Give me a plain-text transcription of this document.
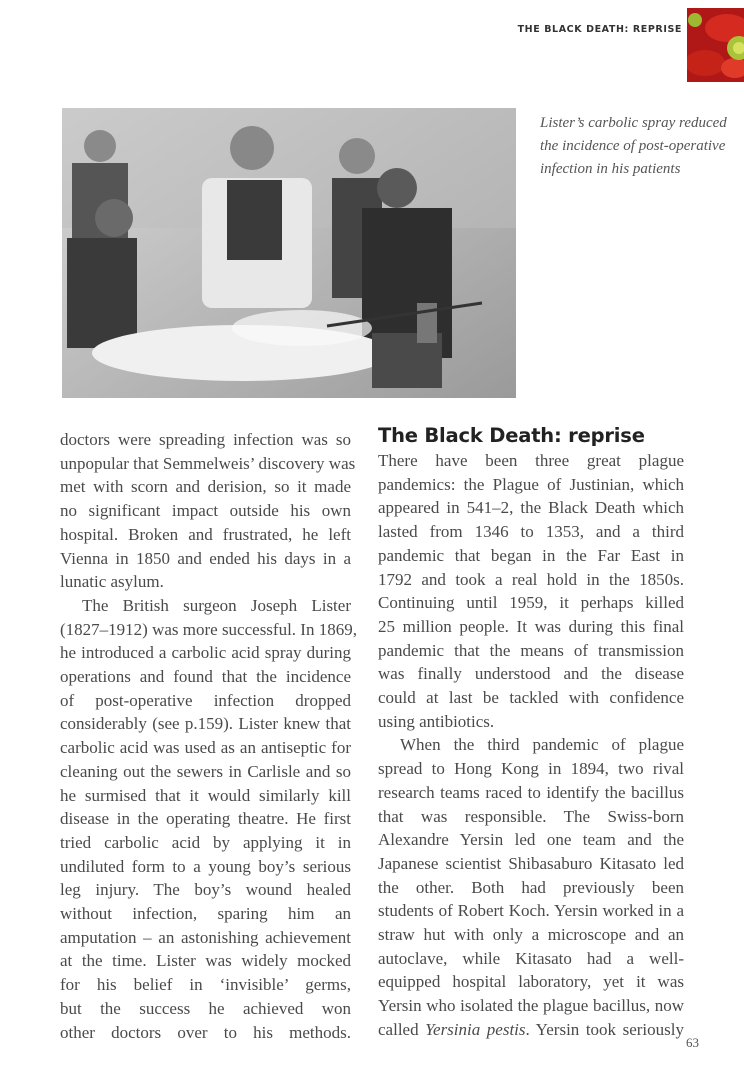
THE BLACK DEATH: REPRISE
Lister’s carbolic spray reduced the incidence of post-operative infection in his patients
doctors were spreading infection was so
unpopular that Semmelweis’ discovery was
met with scorn and derision, so it made
no significant impact outside his own
hospital. Broken and frustrated, he left
Vienna in 1850 and ended his days in a
lunatic asylum.
The British surgeon Joseph Lister
(1827–1912) was more successful. In 1869,
he introduced a carbolic acid spray during
operations and found that the incidence
of post-operative infection dropped
considerably (see p.159). Lister knew that
carbolic acid was used as an antiseptic for
cleaning out the sewers in Carlisle and so
he surmised that it would similarly kill
disease in the operating theatre. He first
tried carbolic acid by applying it in
undiluted form to a young boy’s serious
leg injury. The boy’s wound healed
without infection, sparing him an
amputation – an astonishing achievement
at the time. Lister was widely mocked
for his belief in ‘invisible’ germs,
but the success he achieved won
other doctors over to his methods.
The Black Death: reprise
There have been three great plague
pandemics: the Plague of Justinian, which
appeared in 541–2, the Black Death which
lasted from 1346 to 1353, and a third
pandemic that began in the Far East in
1792 and took a real hold in the 1850s.
Continuing until 1959, it perhaps killed
25 million people. It was during this final
pandemic that the means of transmission
was finally understood and the disease
could at last be tackled with confidence
using antibiotics.
When the third pandemic of plague
spread to Hong Kong in 1894, two rival
research teams raced to identify the bacillus
that was responsible. The Swiss-born
Alexandre Yersin led one team and the
Japanese scientist Shibasaburo Kitasato led
the other. Both had previously been
students of Robert Koch. Yersin worked in a
straw hut with only a microscope and an
autoclave, while Kitasato had a well-
equipped hospital laboratory, yet it was
Yersin who isolated the plague bacillus, now
called Yersinia pestis. Yersin took seriously
63
